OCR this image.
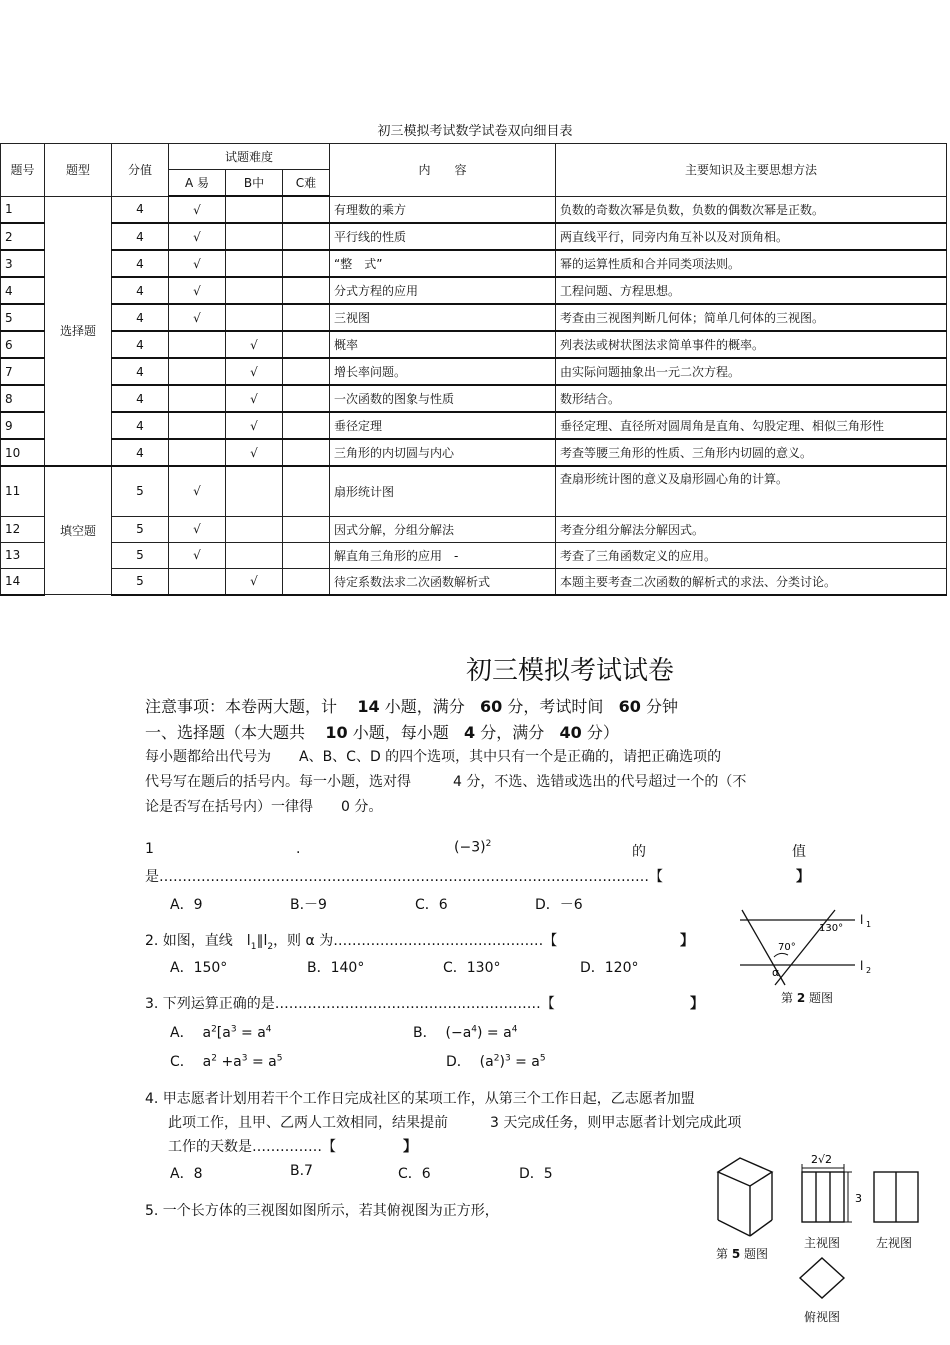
初三模拟考试数学试卷双向细目表
题号	题型	分值	试题难度			内　　容	主要知识及主要思想方法
			A 易	B中	C难		
1	选择题	4	√			有理数的乘方	负数的奇数次幂是负数，负数的偶数次幂是正数。
2		4	√			平行线的性质	两直线平行，同旁内角互补以及对顶角相。
3		4	√			“整　式”	幂的运算性质和合并同类项法则。
4		4	√			分式方程的应用	工程问题、方程思想。
5		4	√			三视图	考查由三视图判断几何体；简单几何体的三视图。
6		4		√		概率	列表法或树状图法求简单事件的概率。
7		4		√		增长率问题。	由实际问题抽象出一元二次方程。
8		4		√		一次函数的图象与性质	数形结合。
9		4		√		垂径定理	垂径定理、直径所对圆周角是直角、勾股定理、相似三角形性
10		4		√		三角形的内切圆与内心	考查等腰三角形的性质、三角形内切圆的意义。
11	填空题	5	√			扇形统计图	查扇形统计图的意义及扇形圆心角的计算。
12		5	√			因式分解，分组分解法	考查分组分解法分解因式。
13		5	√			解直角三角形的应用　-	考查了三角函数定义的应用。
14		5		√		待定系数法求二次函数解析式	本题主要考查二次函数的解析式的求法、分类讨论。
初三模拟考试试卷
注意事项：本卷两大题，计 14 小题，满分 60 分，考试时间 60 分钟
一、选择题（本大题共 10 小题，每小题 4 分，满分 40 分）
每小题都给出代号为　　A、B、C、D 的四个选项，其中只有一个是正确的，请把正确选项的
代号写在题后的括号内。每一小题，选对得　　　4 分，不选、选错或选出的代号超过一个的（不
论是否写在括号内）一律得　　0 分。
1	.	$(-3)^2$	的	值
是……………………………………………………………………………………………【	】
A．9	B.－9	C．6	D．－6
2. 如图，直线　$l_1\parallel l_2$，则 α 为………………………………………【	】
A．150°	B．140°	C．130°	D．120°
130°
70°
α
l 1
l 2
第 2 题图
3. 下列运算正确的是…………………………………………………【	】
A．  $a^2[a^3 = a^4$	B．  $(-a^4) = a^4$
C．  $a^2 +a^3 = a^5$	D．  $(a^2)^3 = a^5$
4. 甲志愿者计划用若干个工作日完成社区的某项工作，从第三个工作日起，乙志愿者加盟
此项工作，且甲、乙两人工效相同，结果提前　　　3 天完成任务，则甲志愿者计划完成此项
工作的天数是……………【	】
A．8	B.7	C．6	D．5
5. 一个长方体的三视图如图所示，若其俯视图为正方形，
2√2
3
第 5 题图
主视图	左视图
俯视图
